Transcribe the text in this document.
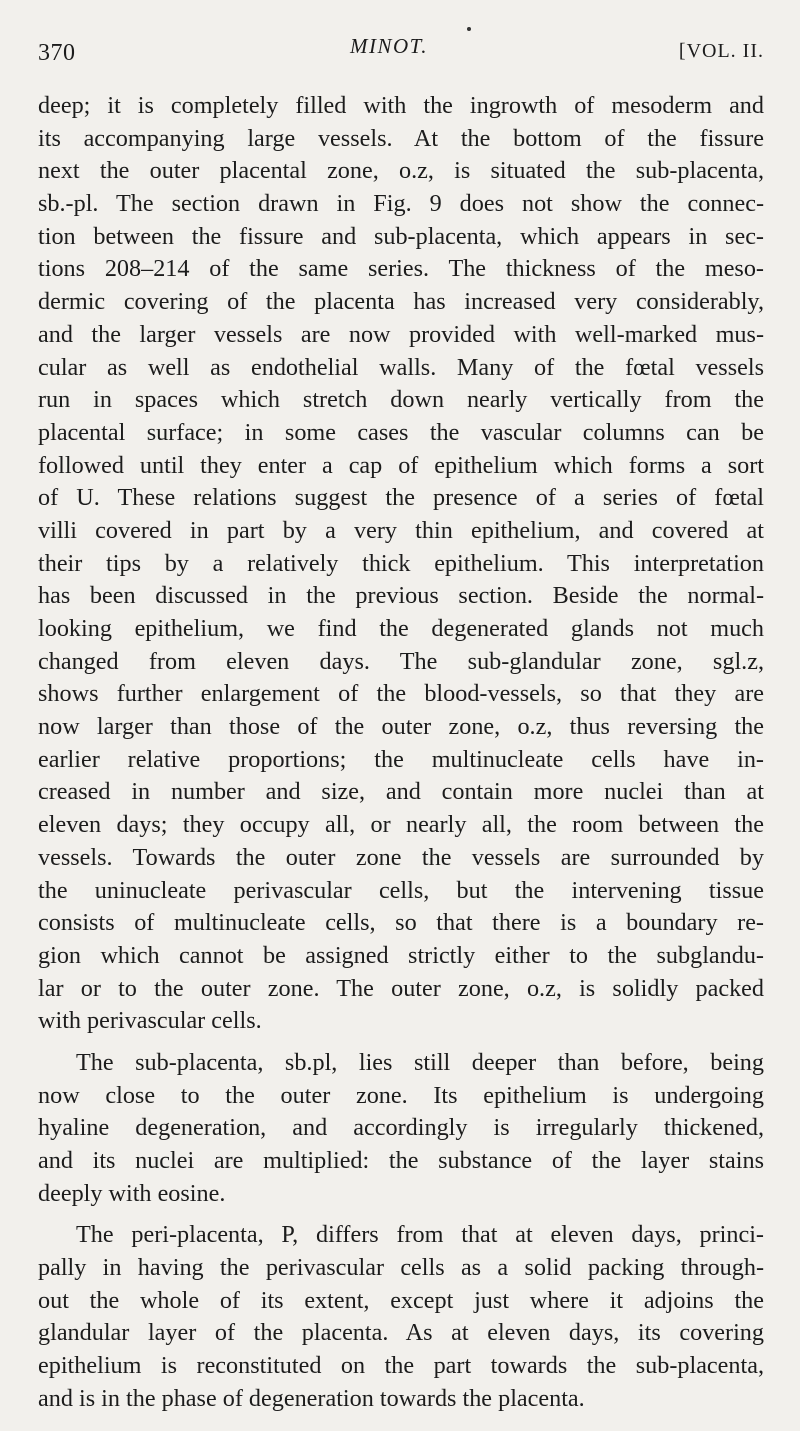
370	MINOT.	[VOL. II.
deep; it is completely filled with the ingrowth of mesoderm and
its accompanying large vessels. At the bottom of the fissure
next the outer placental zone, o.z, is situated the sub-placenta,
sb.-pl. The section drawn in Fig. 9 does not show the connec-
tion between the fissure and sub-placenta, which appears in sec-
tions 208–214 of the same series. The thickness of the meso-
dermic covering of the placenta has increased very considerably,
and the larger vessels are now provided with well-marked mus-
cular as well as endothelial walls. Many of the fœtal vessels
run in spaces which stretch down nearly vertically from the
placental surface; in some cases the vascular columns can be
followed until they enter a cap of epithelium which forms a sort
of U. These relations suggest the presence of a series of fœtal
villi covered in part by a very thin epithelium, and covered at
their tips by a relatively thick epithelium. This interpretation
has been discussed in the previous section. Beside the normal-
looking epithelium, we find the degenerated glands not much
changed from eleven days. The sub-glandular zone, sgl.z,
shows further enlargement of the blood-vessels, so that they are
now larger than those of the outer zone, o.z, thus reversing the
earlier relative proportions; the multinucleate cells have in-
creased in number and size, and contain more nuclei than at
eleven days; they occupy all, or nearly all, the room between the
vessels. Towards the outer zone the vessels are surrounded by
the uninucleate perivascular cells, but the intervening tissue
consists of multinucleate cells, so that there is a boundary re-
gion which cannot be assigned strictly either to the subglandu-
lar or to the outer zone. The outer zone, o.z, is solidly packed
with perivascular cells.
The sub-placenta, sb.pl, lies still deeper than before, being
now close to the outer zone. Its epithelium is undergoing
hyaline degeneration, and accordingly is irregularly thickened,
and its nuclei are multiplied: the substance of the layer stains
deeply with eosine.
The peri-placenta, P, differs from that at eleven days, princi-
pally in having the perivascular cells as a solid packing through-
out the whole of its extent, except just where it adjoins the
glandular layer of the placenta. As at eleven days, its covering
epithelium is reconstituted on the part towards the sub-placenta,
and is in the phase of degeneration towards the placenta.
